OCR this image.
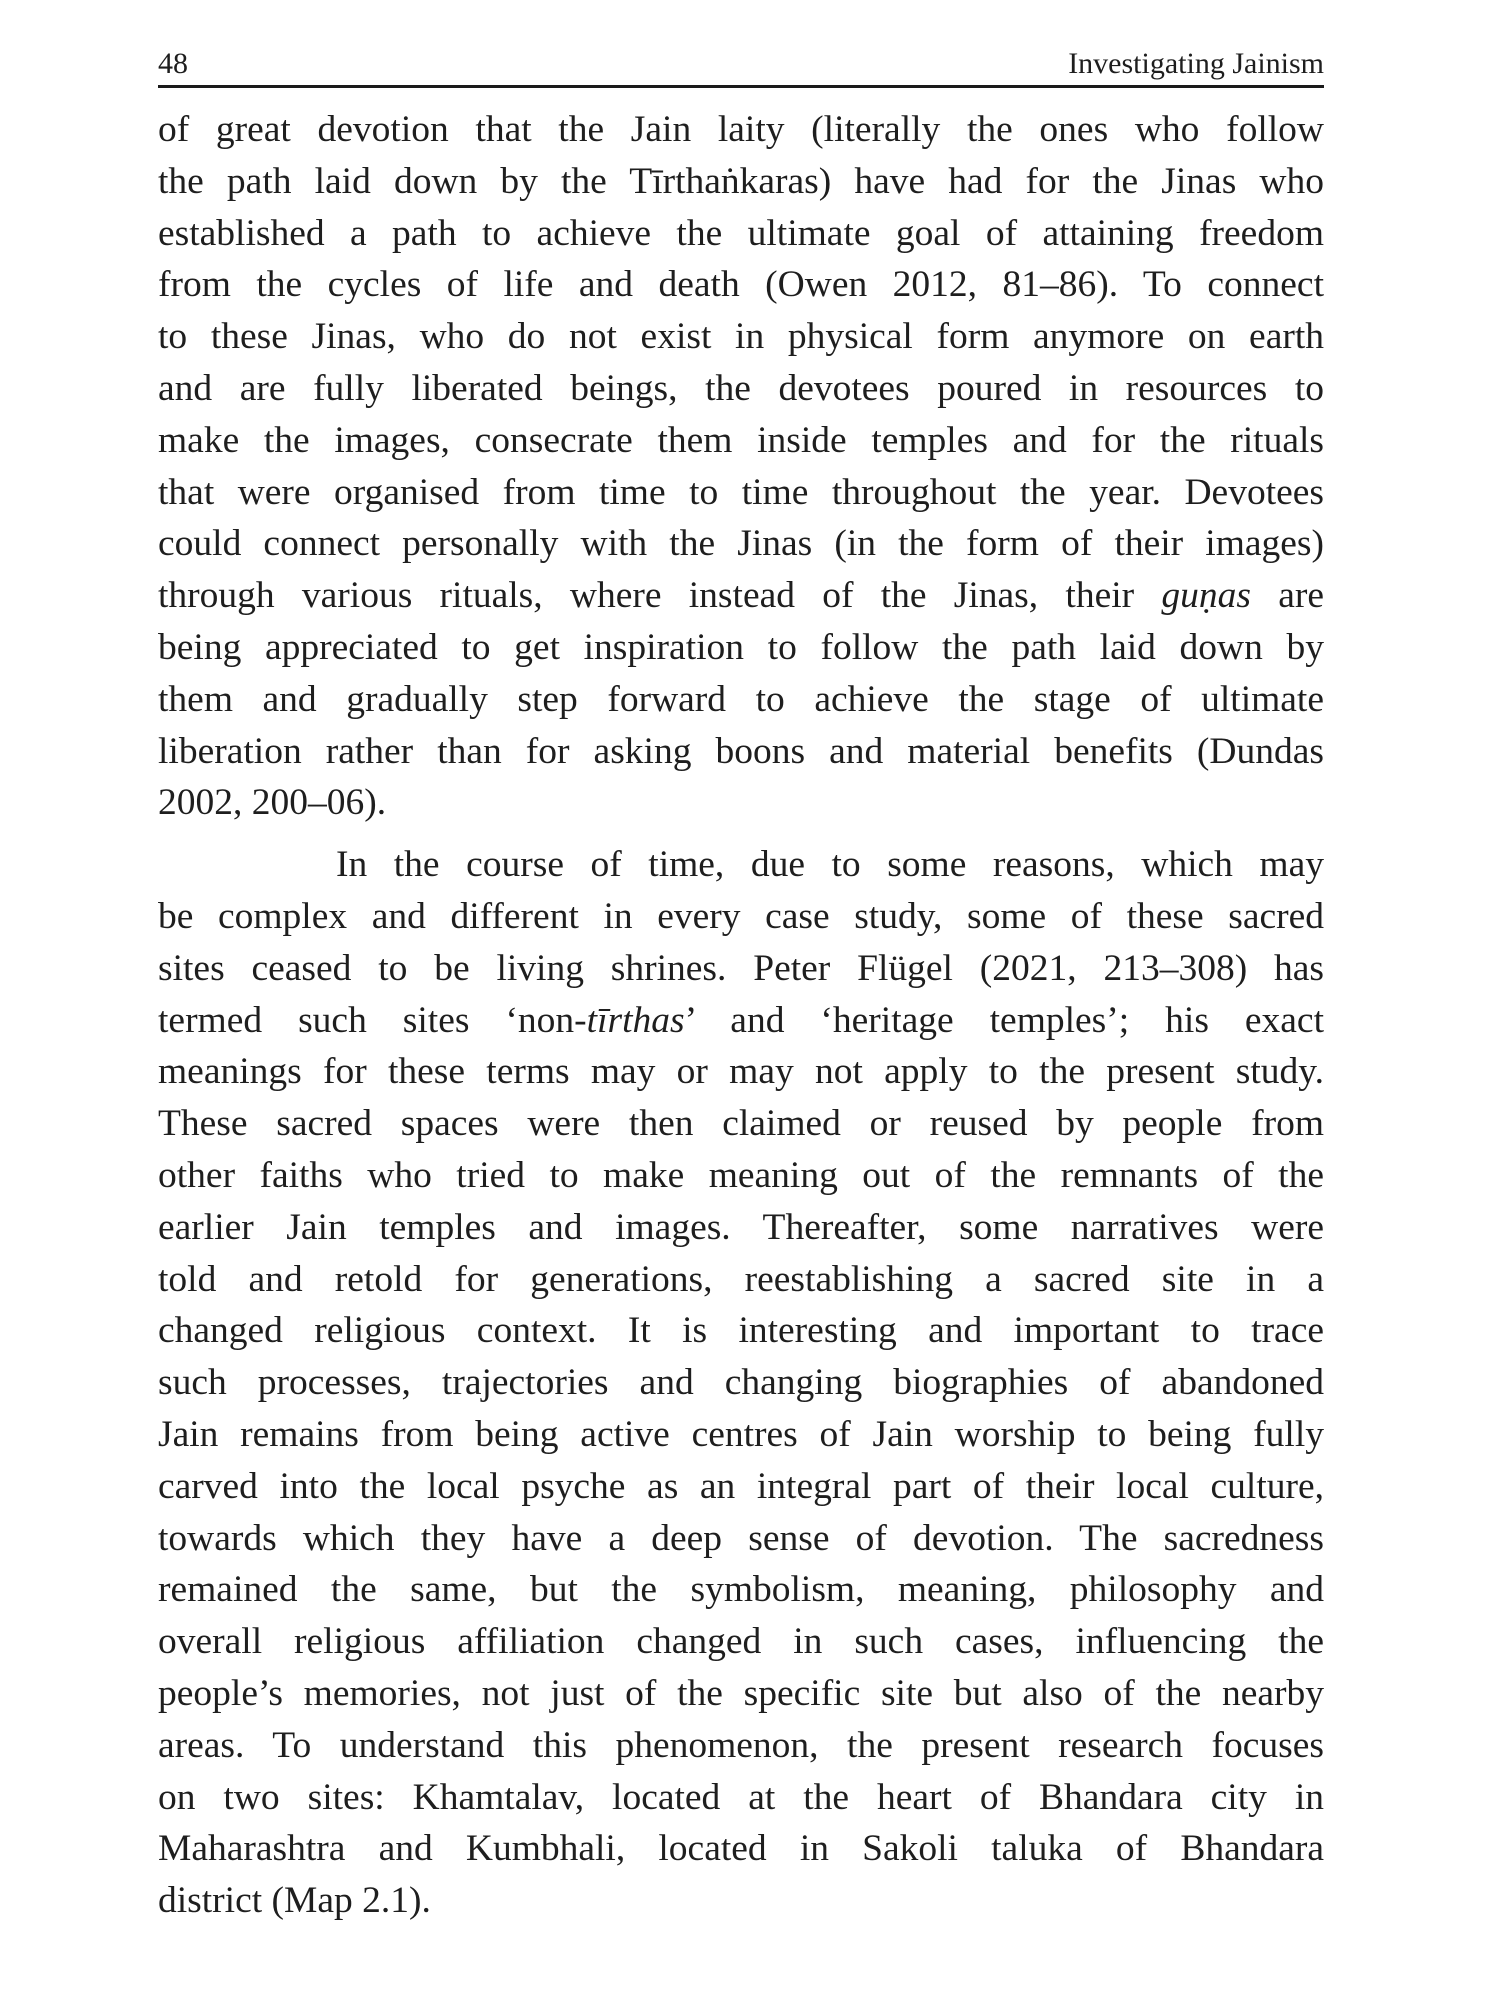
48	Investigating Jainism
of great devotion that the Jain laity (literally the ones who follow
the path laid down by the Tīrthaṅkaras) have had for the Jinas who
established a path to achieve the ultimate goal of attaining freedom
from the cycles of life and death (Owen 2012, 81–86). To connect
to these Jinas, who do not exist in physical form anymore on earth
and are fully liberated beings, the devotees poured in resources to
make the images, consecrate them inside temples and for the rituals
that were organised from time to time throughout the year. Devotees
could connect personally with the Jinas (in the form of their images)
through various rituals, where instead of the Jinas, their guṇas are
being appreciated to get inspiration to follow the path laid down by
them and gradually step forward to achieve the stage of ultimate
liberation rather than for asking boons and material benefits (Dundas
2002, 200–06).
In the course of time, due to some reasons, which may
be complex and different in every case study, some of these sacred
sites ceased to be living shrines. Peter Flügel (2021, 213–308) has
termed such sites ‘non-tīrthas’ and ‘heritage temples’; his exact
meanings for these terms may or may not apply to the present study.
These sacred spaces were then claimed or reused by people from
other faiths who tried to make meaning out of the remnants of the
earlier Jain temples and images. Thereafter, some narratives were
told and retold for generations, reestablishing a sacred site in a
changed religious context. It is interesting and important to trace
such processes, trajectories and changing biographies of abandoned
Jain remains from being active centres of Jain worship to being fully
carved into the local psyche as an integral part of their local culture,
towards which they have a deep sense of devotion. The sacredness
remained the same, but the symbolism, meaning, philosophy and
overall religious affiliation changed in such cases, influencing the
people’s memories, not just of the specific site but also of the nearby
areas. To understand this phenomenon, the present research focuses
on two sites: Khamtalav, located at the heart of Bhandara city in
Maharashtra and Kumbhali, located in Sakoli taluka of Bhandara
district (Map 2.1).
